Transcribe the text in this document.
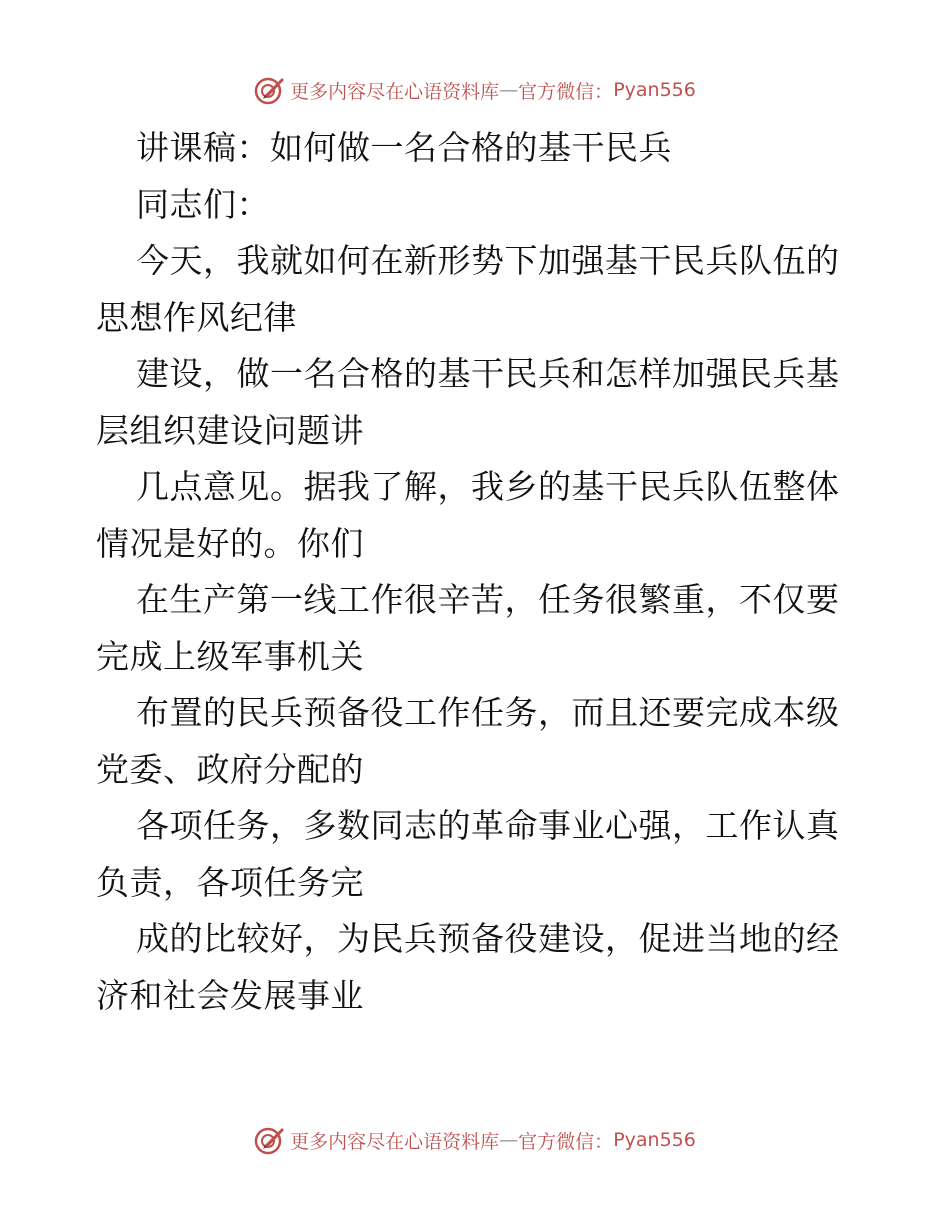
更多内容尽在心语资料库 — 官方微信： Pyan556
讲课稿：如何做一名合格的基干民兵
同志们：
今天，我就如何在新形势下加强基干民兵队伍的
思想作风纪律
建设，做一名合格的基干民兵和怎样加强民兵基
层组织建设问题讲
几点意见。据我了解，我乡的基干民兵队伍整体
情况是好的。你们
在生产第一线工作很辛苦，任务很繁重，不仅要
完成上级军事机关
布置的民兵预备役工作任务，而且还要完成本级
党委、政府分配的
各项任务，多数同志的革命事业心强，工作认真
负责，各项任务完
成的比较好，为民兵预备役建设，促进当地的经
济和社会发展事业
更多内容尽在心语资料库 — 官方微信： Pyan556
